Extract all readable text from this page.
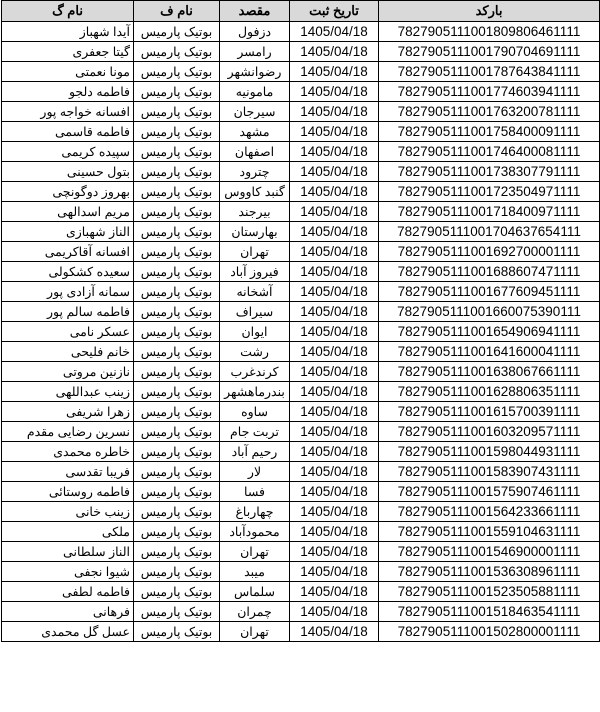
نام گ	نام ف	مقصد	تاریخ ثبت	بارکد
آیدا شهباز	بوتیک پارمیس	دزفول	1405/04/18	7827905111001809806461111
گیتا جعفری	بوتیک پارمیس	رامسر	1405/04/18	7827905111001790704691111
مونا نعمتی	بوتیک پارمیس	رضوانشهر	1405/04/18	7827905111001787643841111
فاطمه دلجو	بوتیک پارمیس	مامونیه	1405/04/18	7827905111001774603941111
افسانه خواجه پور	بوتیک پارمیس	سیرجان	1405/04/18	7827905111001763200781111
فاطمه قاسمی	بوتیک پارمیس	مشهد	1405/04/18	7827905111001758400091111
سپیده کریمی	بوتیک پارمیس	اصفهان	1405/04/18	7827905111001746400081111
بتول حسینی	بوتیک پارمیس	چترود	1405/04/18	7827905111001738307791111
بهروز دوگونچی	بوتیک پارمیس	گنبد کاووس	1405/04/18	7827905111001723504971111
مریم اسدالهی	بوتیک پارمیس	بیرجند	1405/04/18	7827905111001718400971111
الناز شهبازی	بوتیک پارمیس	بهارستان	1405/04/18	7827905111001704637654111
افسانه آقاکریمی	بوتیک پارمیس	تهران	1405/04/18	7827905111001692700001111
سعیده کشکولی	بوتیک پارمیس	فیروز آباد	1405/04/18	7827905111001688607471111
سمانه آزادی پور	بوتیک پارمیس	آشخانه	1405/04/18	7827905111001677609451111
فاطمه سالم پور	بوتیک پارمیس	سیراف	1405/04/18	7827905111001660075390111
عسکر نامی	بوتیک پارمیس	ایوان	1405/04/18	7827905111001654906941111
خانم فلیحی	بوتیک پارمیس	رشت	1405/04/18	7827905111001641600041111
نازنین مروتی	بوتیک پارمیس	کرندغرب	1405/04/18	7827905111001638067661111
زینب عبداللهی	بوتیک پارمیس	بندرماهشهر	1405/04/18	7827905111001628806351111
زهرا شریفی	بوتیک پارمیس	ساوه	1405/04/18	7827905111001615700391111
نسرین رضایی مقدم	بوتیک پارمیس	تربت جام	1405/04/18	7827905111001603209571111
خاطره محمدی	بوتیک پارمیس	رحیم آباد	1405/04/18	7827905111001598044931111
فریبا تقدسی	بوتیک پارمیس	لار	1405/04/18	7827905111001583907431111
فاطمه روستائی	بوتیک پارمیس	فسا	1405/04/18	7827905111001575907461111
زینب خانی	بوتیک پارمیس	چهارباغ	1405/04/18	7827905111001564233661111
ملکی	بوتیک پارمیس	محمودآباد	1405/04/18	7827905111001559104631111
الناز سلطانی	بوتیک پارمیس	تهران	1405/04/18	7827905111001546900001111
شیوا نجفی	بوتیک پارمیس	میبد	1405/04/18	7827905111001536308961111
فاطمه لطفی	بوتیک پارمیس	سلماس	1405/04/18	7827905111001523505881111
فرهانی	بوتیک پارمیس	چمران	1405/04/18	7827905111001518463541111
عسل گل محمدی	بوتیک پارمیس	تهران	1405/04/18	7827905111001502800001111
